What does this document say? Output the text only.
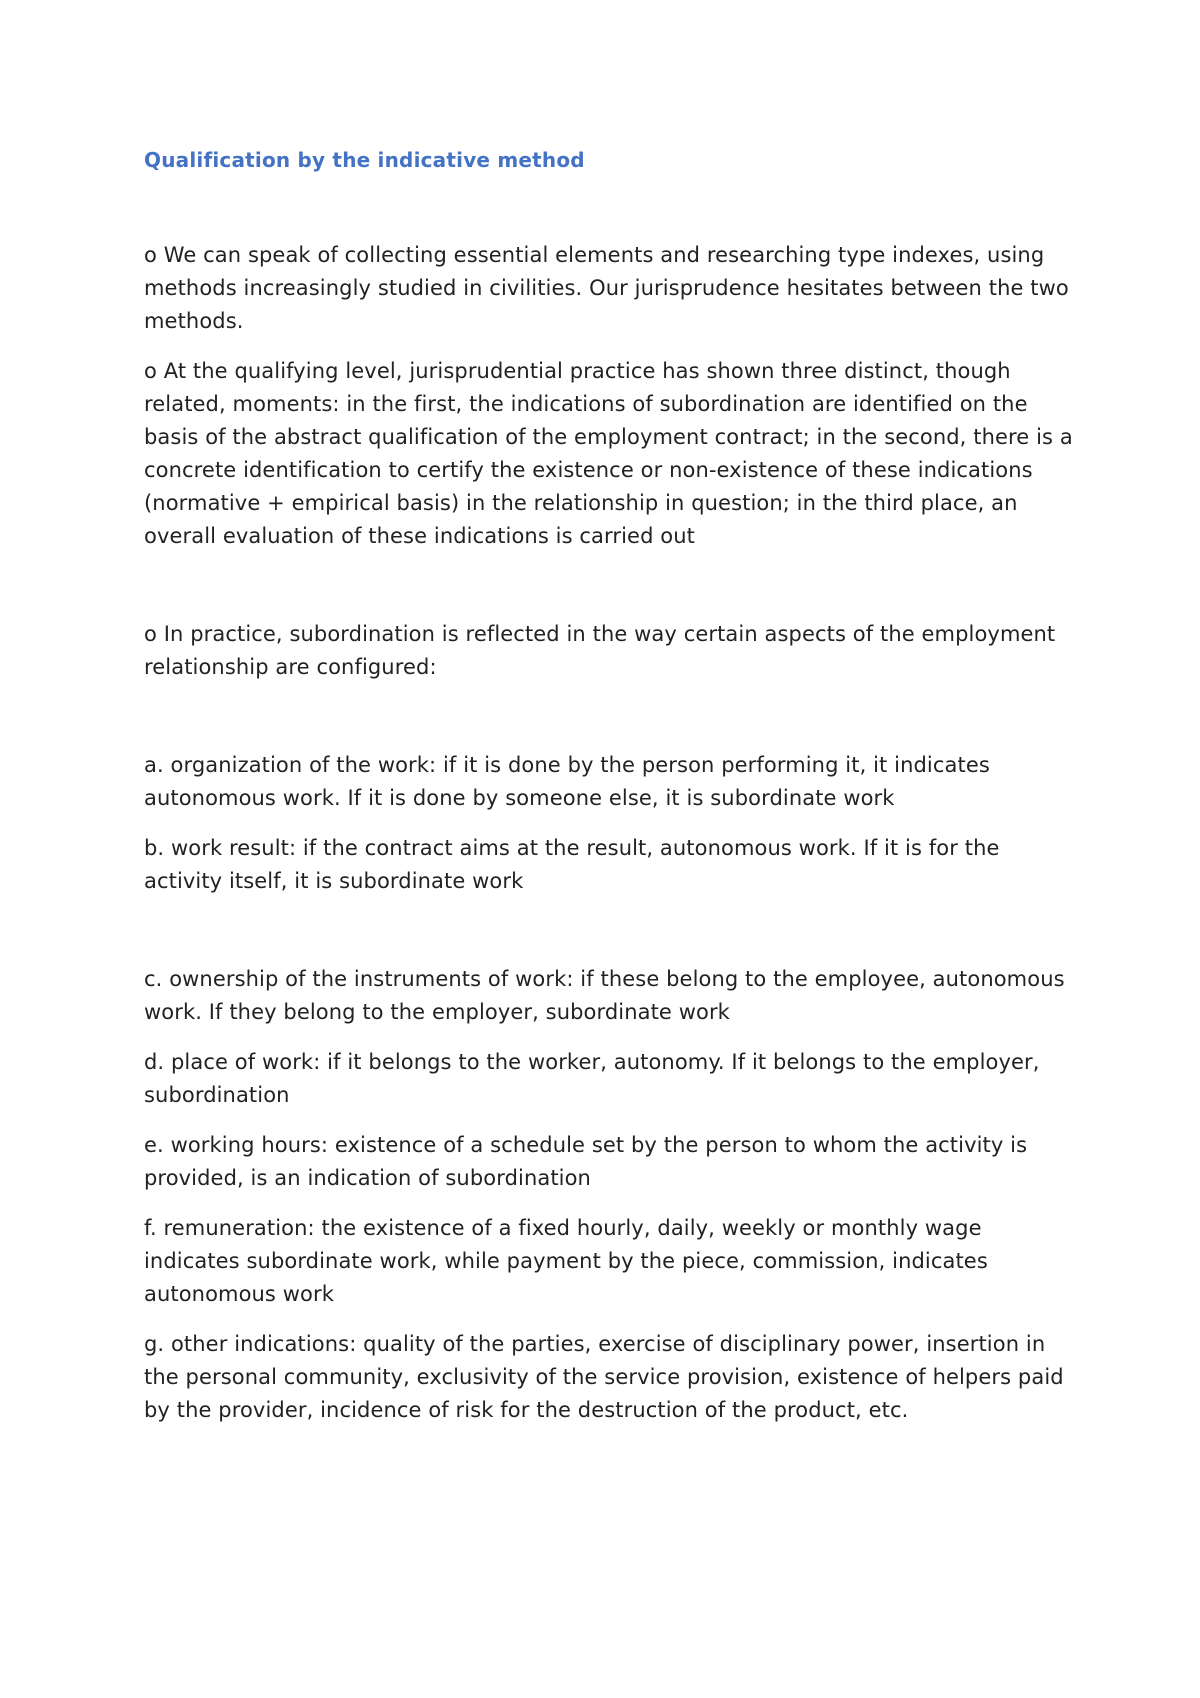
Qualification by the indicative method

o We can speak of collecting essential elements and researching type indexes, using methods increasingly studied in civilities. Our jurisprudence hesitates between the two methods.

o At the qualifying level, jurisprudential practice has shown three distinct, though related, moments: in the first, the indications of subordination are identified on the basis of the abstract qualification of the employment contract; in the second, there is a concrete identification to certify the existence or non-existence of these indications (normative + empirical basis) in the relationship in question; in the third place, an overall evaluation of these indications is carried out

o In practice, subordination is reflected in the way certain aspects of the employment relationship are configured:

a. organization of the work: if it is done by the person performing it, it indicates autonomous work. If it is done by someone else, it is subordinate work

b. work result: if the contract aims at the result, autonomous work. If it is for the activity itself, it is subordinate work

c. ownership of the instruments of work: if these belong to the employee, autonomous work. If they belong to the employer, subordinate work

d. place of work: if it belongs to the worker, autonomy. If it belongs to the employer, subordination

e. working hours: existence of a schedule set by the person to whom the activity is provided, is an indication of subordination

f. remuneration: the existence of a fixed hourly, daily, weekly or monthly wage indicates subordinate work, while payment by the piece, commission, indicates autonomous work

g. other indications: quality of the parties, exercise of disciplinary power, insertion in the personal community, exclusivity of the service provision, existence of helpers paid by the provider, incidence of risk for the destruction of the product, etc.
